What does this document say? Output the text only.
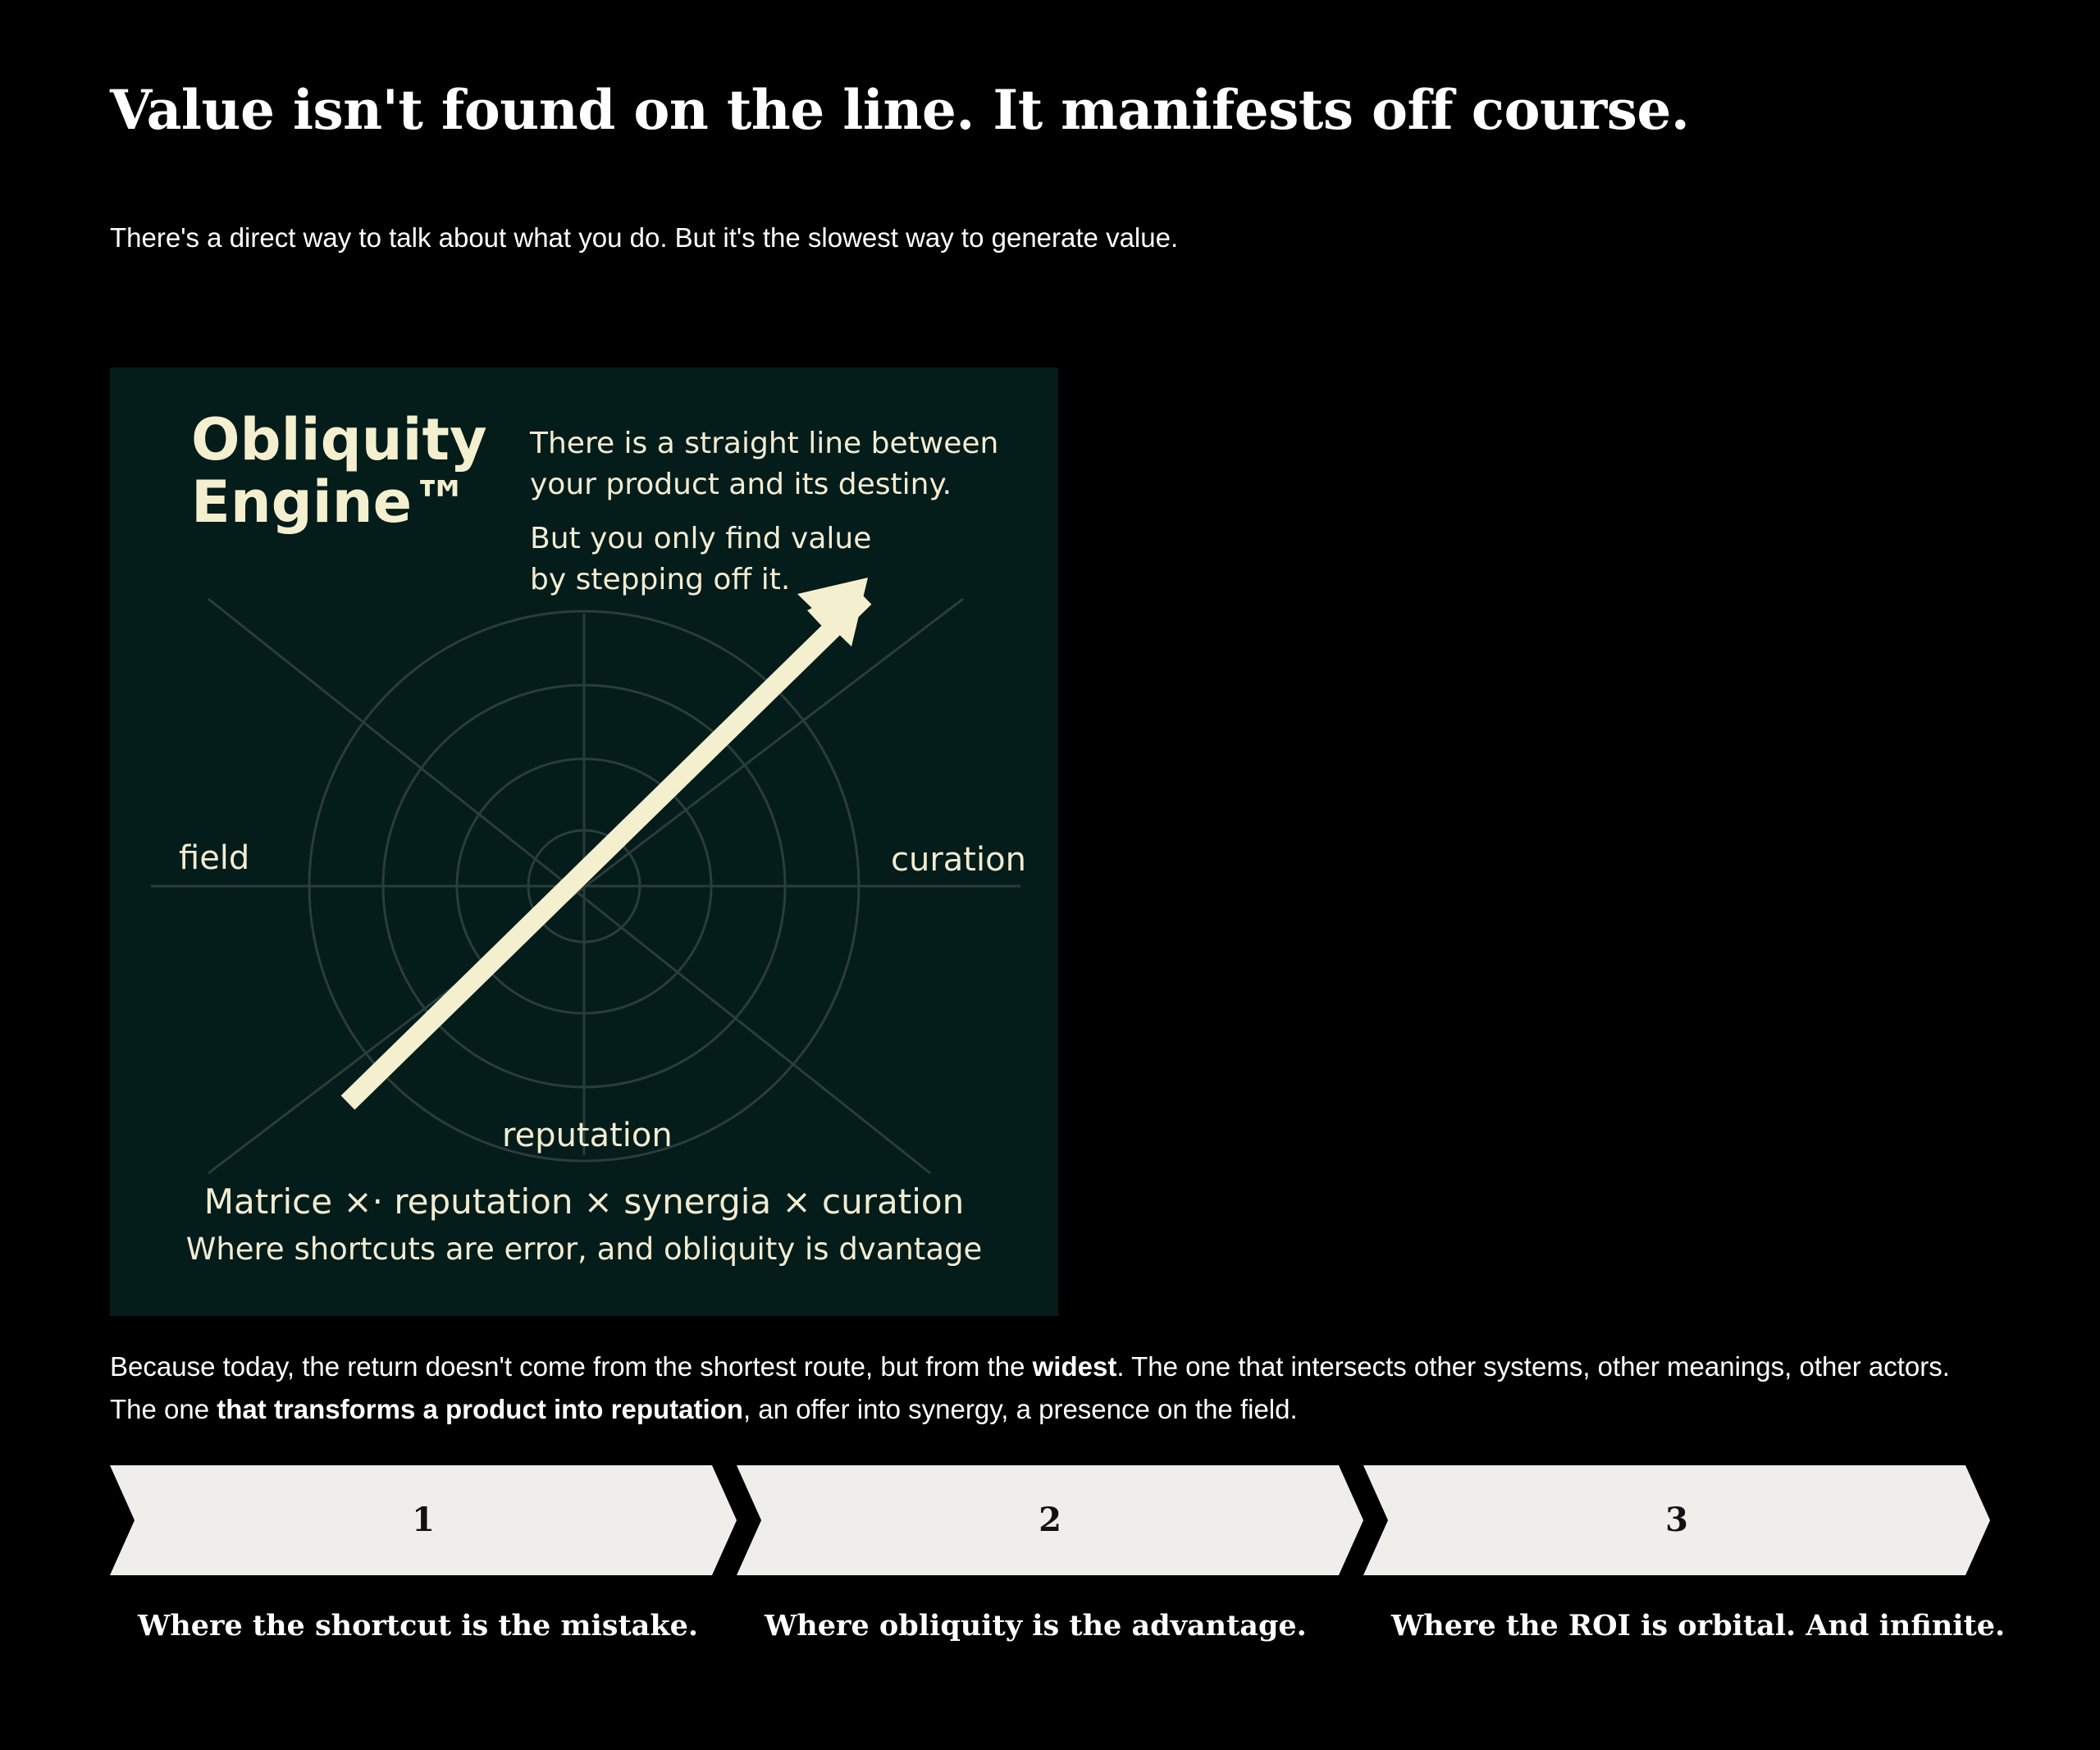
Value isn't found on the line. It manifests off course.

There's a direct way to talk about what you do. But it's the slowest way to generate value.

Obliquity
Engine™
There is a straight line between
your product and its destiny.
But you only find value
by stepping off it.
field	curation
reputation
Matrice ×· reputation × synergia × curation
Where shortcuts are error, and obliquity is dvantage

Because today, the return doesn't come from the shortest route, but from the widest. The one that intersects other systems, other meanings, other actors. The one that transforms a product into reputation, an offer into synergy, a presence on the field.

1
Where the shortcut is the mistake.
2
Where obliquity is the advantage.
3
Where the ROI is orbital. And infinite.
